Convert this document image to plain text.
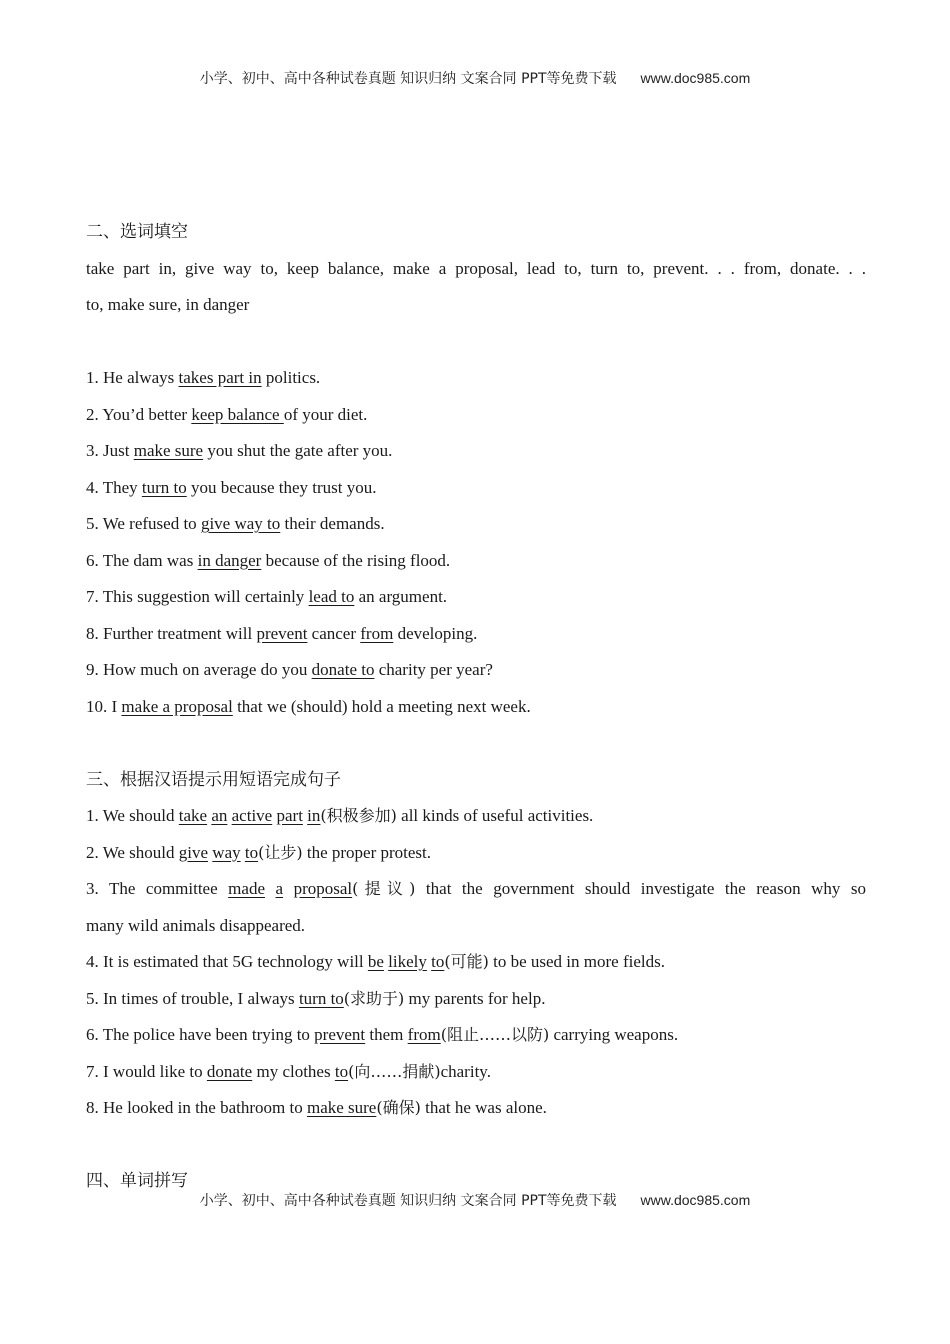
小学、初中、高中各种试卷真题 知识归纳 文案合同 PPT等免费下载 www.doc985.com
二、选词填空
take part in, give way to, keep balance, make a proposal, lead to, turn to, prevent. . . from, donate. . .
to, make sure, in danger
1. He always takes part in politics.
2. You’d better keep balance of your diet.
3. Just make sure you shut the gate after you.
4. They turn to you because they trust you.
5. We refused to give way to their demands.
6. The dam was in danger because of the rising flood.
7. This suggestion will certainly lead to an argument.
8. Further treatment will prevent cancer from developing.
9. How much on average do you donate to charity per year?
10. I make a proposal that we (should) hold a meeting next week.
三、根据汉语提示用短语完成句子
1. We should take an active part in(积极参加) all kinds of useful activities.
2. We should give way to(让步) the proper protest.
3. The committee made a proposal(提议) that the government should investigate the reason why so
many wild animals disappeared.
4. It is estimated that 5G technology will be likely to(可能) to be used in more fields.
5. In times of trouble, I always turn to(求助于) my parents for help.
6. The police have been trying to prevent them from(阻止……以防) carrying weapons.
7. I would like to donate my clothes to(向……捐献)charity.
8. He looked in the bathroom to make sure(确保) that he was alone.
四、单词拼写
小学、初中、高中各种试卷真题 知识归纳 文案合同 PPT等免费下载 www.doc985.com
